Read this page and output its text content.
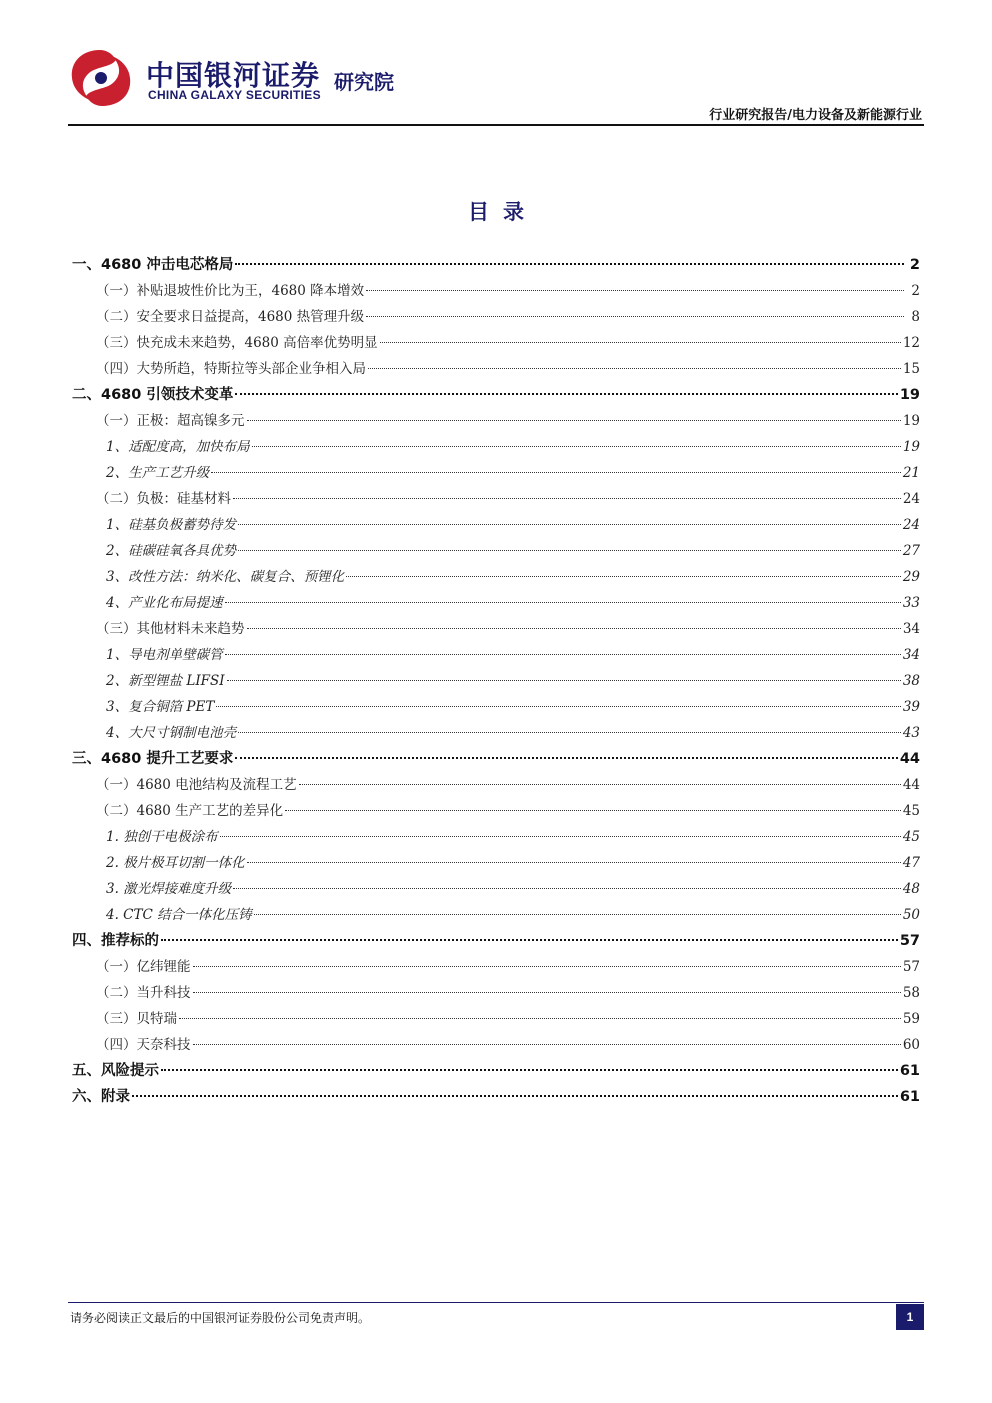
中国银河证券
CHINA GALAXY SECURITIES
研究院
行业研究报告/电力设备及新能源行业
目录
一、4680 冲击电芯格局	2
（一）补贴退坡性价比为王，4680 降本增效	2
（二）安全要求日益提高，4680 热管理升级	8
（三）快充成未来趋势，4680 高倍率优势明显	12
（四）大势所趋，特斯拉等头部企业争相入局	15
二、4680 引领技术变革	19
（一）正极：超高镍多元	19
1、适配度高，加快布局	19
2、生产工艺升级	21
（二）负极：硅基材料	24
1、硅基负极蓄势待发	24
2、硅碳硅氧各具优势	27
3、改性方法：纳米化、碳复合、预锂化	29
4、产业化布局提速	33
（三）其他材料未来趋势	34
1、导电剂单壁碳管	34
2、新型锂盐 LIFSI	38
3、复合铜箔 PET	39
4、大尺寸钢制电池壳	43
三、4680 提升工艺要求	44
（一）4680 电池结构及流程工艺	44
（二）4680 生产工艺的差异化	45
1. 独创干电极涂布	45
2. 极片极耳切割一体化	47
3. 激光焊接难度升级	48
4. CTC 结合一体化压铸	50
四、推荐标的	57
（一）亿纬锂能	57
（二）当升科技	58
（三）贝特瑞	59
（四）天奈科技	60
五、风险提示	61
六、附录	61
请务必阅读正文最后的中国银河证券股份公司免责声明。	1
